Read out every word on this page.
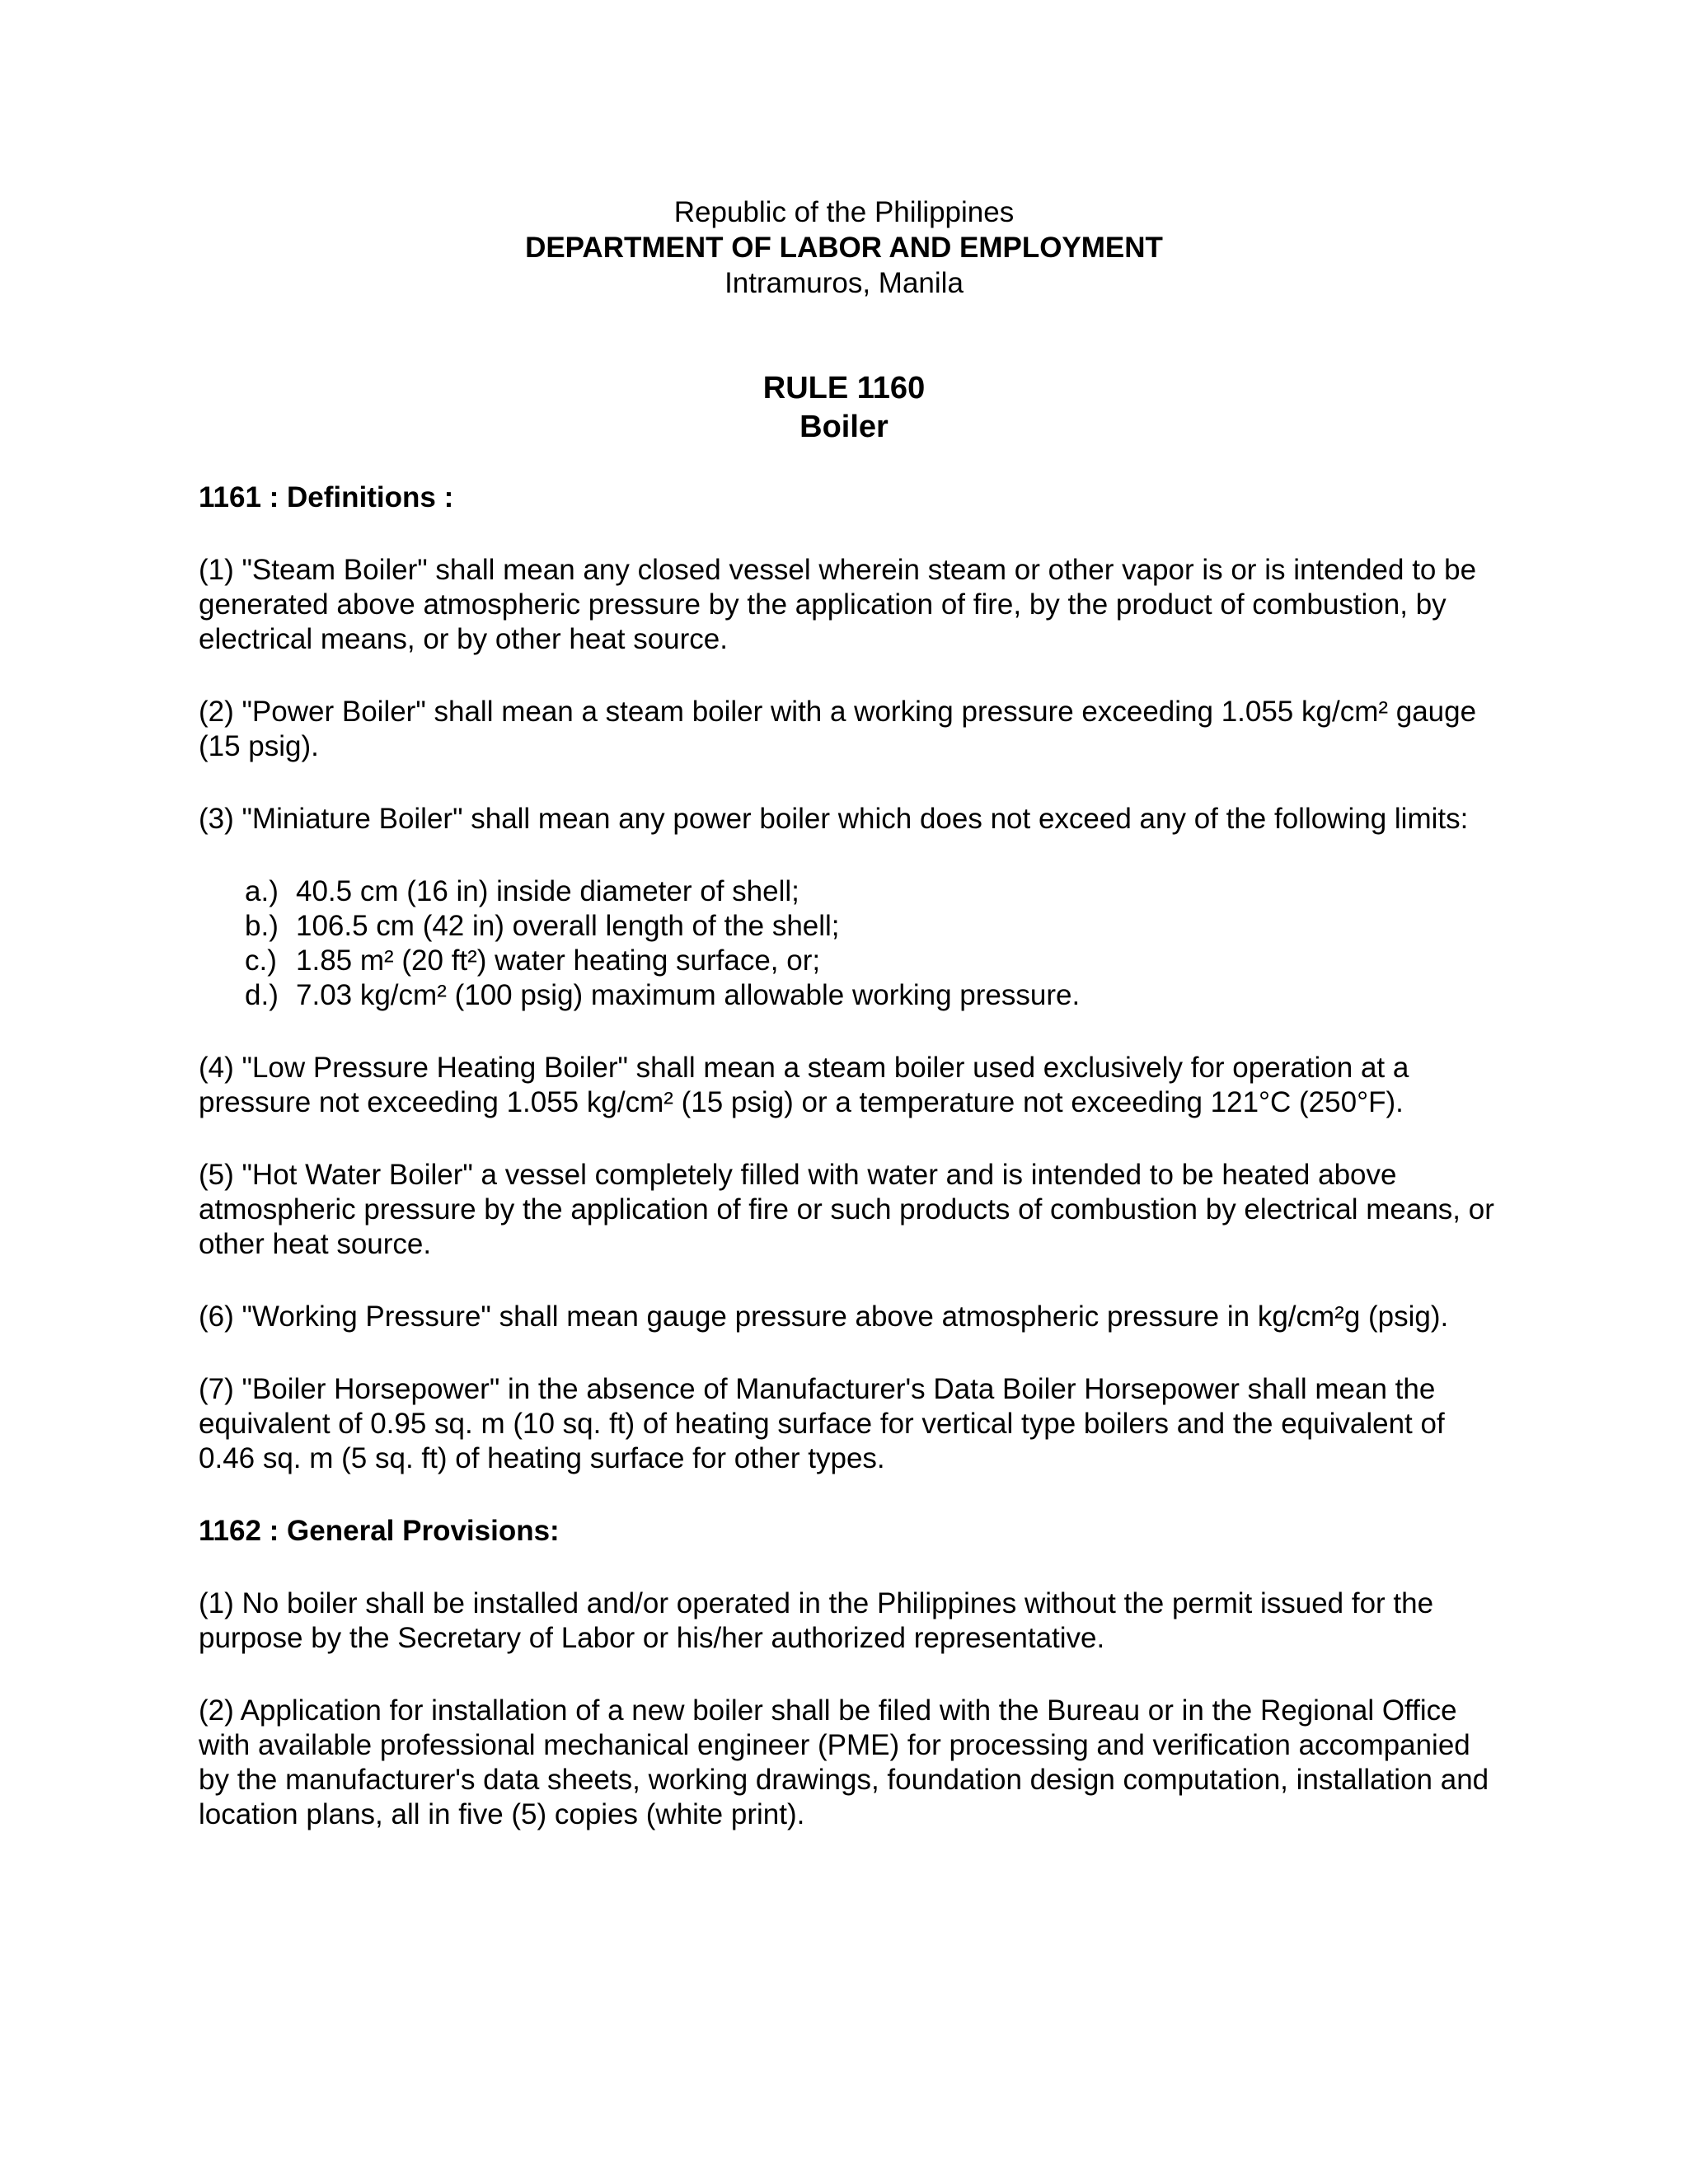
Republic of the Philippines
DEPARTMENT OF LABOR AND EMPLOYMENT
Intramuros, Manila
RULE 1160
Boiler
1161 : Definitions :
(1) "Steam Boiler" shall mean any closed vessel wherein steam or other vapor is or is intended to be generated above atmospheric pressure by the application of fire, by the product of combustion, by electrical means, or by other heat source.
(2) "Power Boiler" shall mean a steam boiler with a working pressure exceeding 1.055 kg/cm² gauge (15 psig).
(3) "Miniature Boiler" shall mean any power boiler which does not exceed any of the following limits:
a.) 40.5 cm (16 in) inside diameter of shell;
b.) 106.5 cm (42 in) overall length of the shell;
c.) 1.85 m² (20 ft²) water heating surface, or;
d.) 7.03 kg/cm² (100 psig) maximum allowable working pressure.
(4) "Low Pressure Heating Boiler" shall mean a steam boiler used exclusively for operation at a pressure not exceeding 1.055 kg/cm² (15 psig) or a temperature not exceeding 121°C (250°F).
(5) "Hot Water Boiler" a vessel completely filled with water and is intended to be heated above atmospheric pressure by the application of fire or such products of combustion by electrical means, or other heat source.
(6) "Working Pressure" shall mean gauge pressure above atmospheric pressure in kg/cm²g (psig).
(7) "Boiler Horsepower" in the absence of Manufacturer's Data Boiler Horsepower shall mean the equivalent of 0.95 sq. m (10 sq. ft) of heating surface for vertical type boilers and the equivalent of 0.46 sq. m (5 sq. ft) of heating surface for other types.
1162 : General Provisions:
(1) No boiler shall be installed and/or operated in the Philippines without the permit issued for the purpose by the Secretary of Labor or his/her authorized representative.
(2) Application for installation of a new boiler shall be filed with the Bureau or in the Regional Office with available professional mechanical engineer (PME) for processing and verification accompanied by the manufacturer's data sheets, working drawings, foundation design computation, installation and location plans, all in five (5) copies (white print).
